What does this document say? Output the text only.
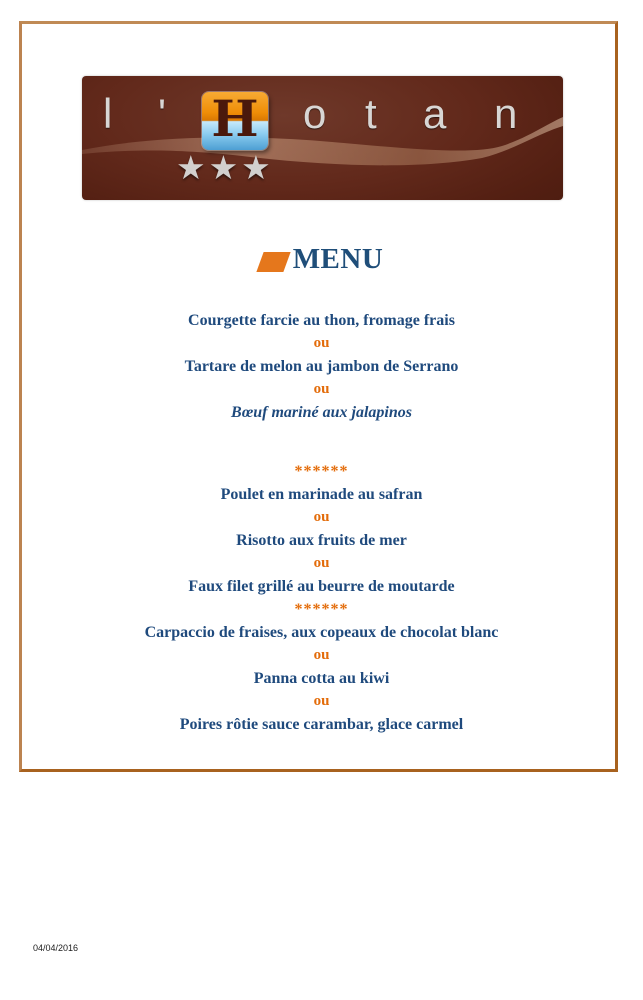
l ' H o t a n
★★★
MENU
Courgette farcie au thon, fromage frais
ou
Tartare de melon au jambon de Serrano
ou
Bœuf mariné aux jalapinos
******
Poulet en marinade au safran
ou
Risotto aux fruits de mer
ou
Faux filet grillé au beurre de moutarde
******
Carpaccio de fraises, aux copeaux de chocolat blanc
ou
Panna cotta au kiwi
ou
Poires rôtie sauce carambar, glace carmel
04/04/2016
